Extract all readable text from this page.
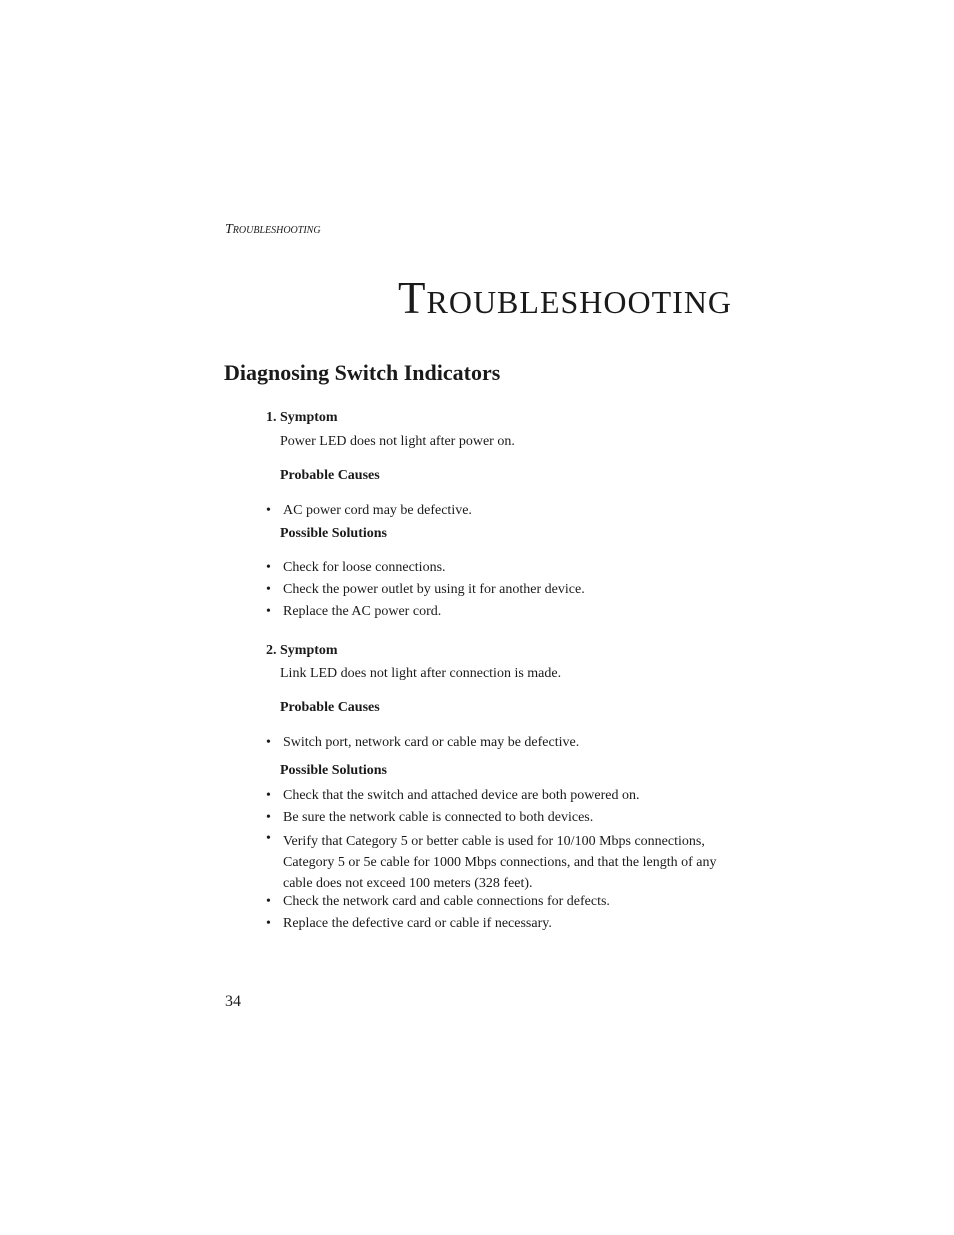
Troubleshooting
Troubleshooting
Diagnosing Switch Indicators
1. Symptom
Power LED does not light after power on.
Probable Causes
• AC power cord may be defective.
Possible Solutions
• Check for loose connections.
• Check the power outlet by using it for another device.
• Replace the AC power cord.
2. Symptom
Link LED does not light after connection is made.
Probable Causes
• Switch port, network card or cable may be defective.
Possible Solutions
• Check that the switch and attached device are both powered on.
• Be sure the network cable is connected to both devices.
• Verify that Category 5 or better cable is used for 10/100 Mbps connections, Category 5 or 5e cable for 1000 Mbps connections, and that the length of any cable does not exceed 100 meters (328 feet).
• Check the network card and cable connections for defects.
• Replace the defective card or cable if necessary.
34
